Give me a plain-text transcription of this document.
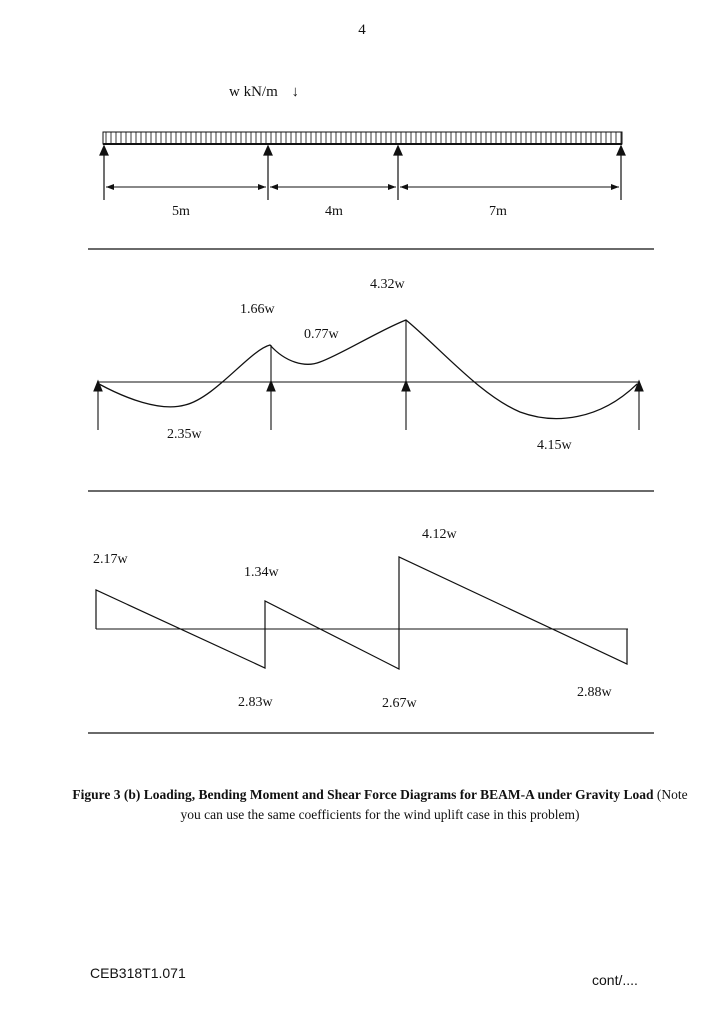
4
w kN/m ↓
5m	4m	7m
1.66w
0.77w
4.32w
2.35w
4.15w
2.17w
1.34w
4.12w
2.83w	2.67w
2.88w
Figure 3 (b) Loading, Bending Moment and Shear Force Diagrams for BEAM-A under Gravity Load (Note you can use the same coefficients for the wind uplift case in this problem)
CEB318T1.071	cont/....
